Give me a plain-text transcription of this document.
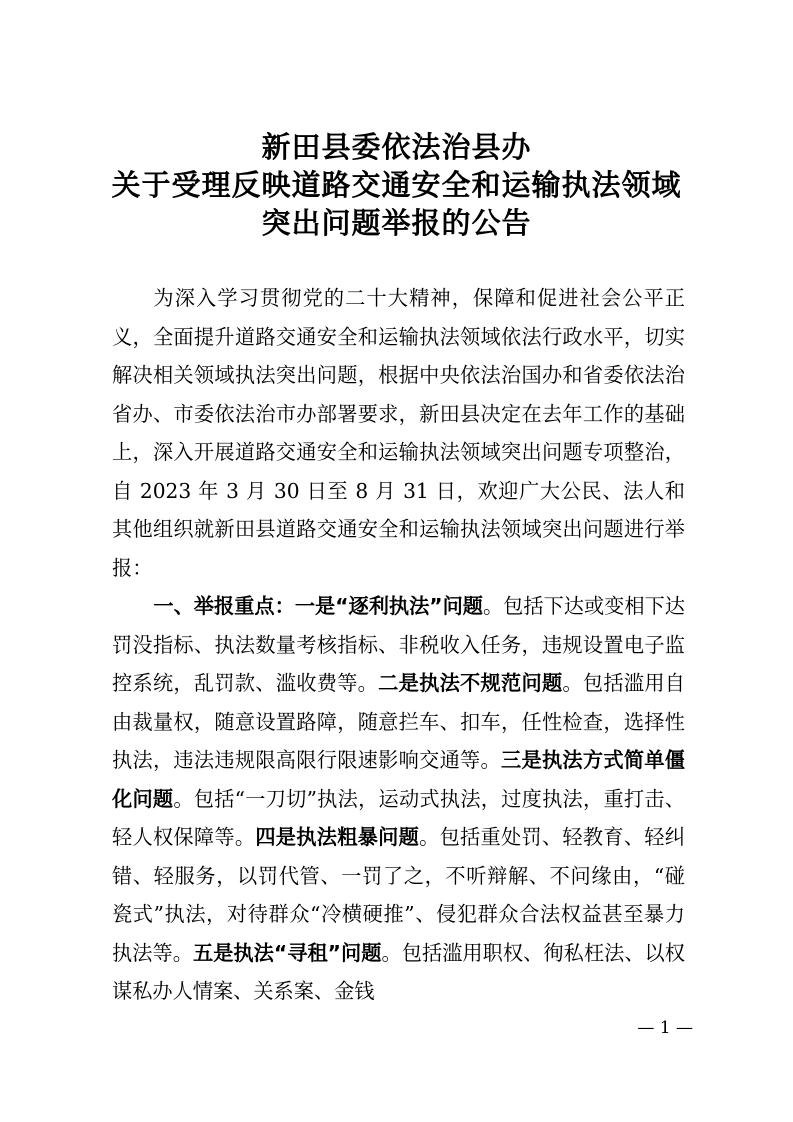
新田县委依法治县办
关于受理反映道路交通安全和运输执法领域
突出问题举报的公告

为深入学习贯彻党的二十大精神，保障和促进社会公平正义，全面提升道路交通安全和运输执法领域依法行政水平，切实解决相关领域执法突出问题，根据中央依法治国办和省委依法治省办、市委依法治市办部署要求，新田县决定在去年工作的基础上，深入开展道路交通安全和运输执法领域突出问题专项整治，自 2023 年 3 月 30 日至 8 月 31 日，欢迎广大公民、法人和其他组织就新田县道路交通安全和运输执法领域突出问题进行举报：

一、举报重点：一是“逐利执法”问题。包括下达或变相下达罚没指标、执法数量考核指标、非税收入任务，违规设置电子监控系统，乱罚款、滥收费等。二是执法不规范问题。包括滥用自由裁量权，随意设置路障，随意拦车、扣车，任性检查，选择性执法，违法违规限高限行限速影响交通等。三是执法方式简单僵化问题。包括“一刀切”执法，运动式执法，过度执法，重打击、轻人权保障等。四是执法粗暴问题。包括重处罚、轻教育、轻纠错、轻服务，以罚代管、一罚了之，不听辩解、不问缘由，“碰瓷式”执法，对待群众“冷横硬推”、侵犯群众合法权益甚至暴力执法等。五是执法“寻租”问题。包括滥用职权、徇私枉法、以权谋私办人情案、关系案、金钱

— 1 —
